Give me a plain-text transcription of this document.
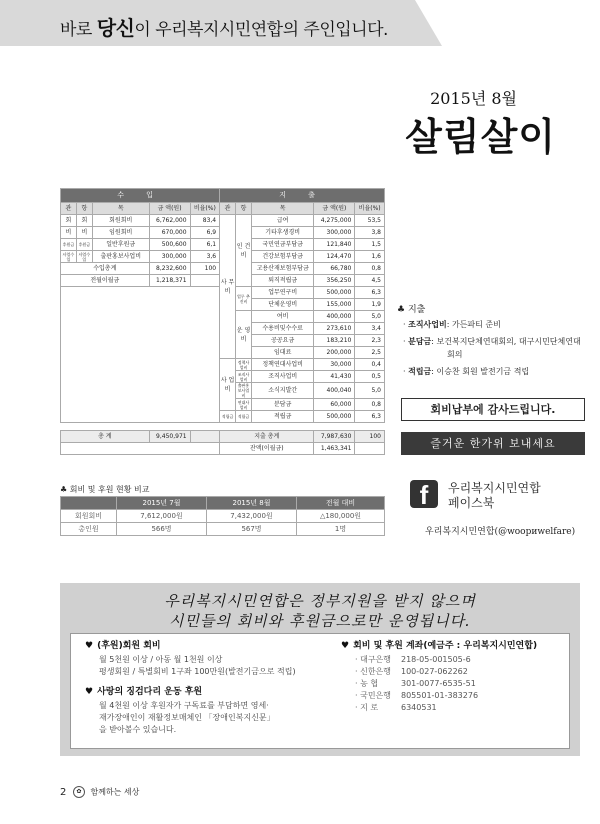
바로 당신이 우리복지시민연합의 주인입니다.
2015년 8월
살림살이
수 입					지 출				
관	항	목	금 액(원)	비율(%)	관	항	목	금 액(원)	비율(%)
회	회	회원회비	6,762,000	83,4	사 무 비	인 건 비	급여	4,275,000	53,5
비	비	임원회비	670,000	6,9			기타후생경비	300,000	3,8
후원금	후원금	일반후원금	500,600	6,1			국민연금부담금	121,840	1,5
사업수입	사업수입	출판홍보사업비	300,000	3,6			건강보험부담금	124,470	1,6
수입총계			8,232,600	100			고용산재보험부담금	66,780	0,8
전월이월금			1,218,371				퇴직적립금	356,250	4,5
						업무 추진비	업무연구비	500,000	6,3
							단체운영비	155,000	1,9
						운 영 비	여비	400,000	5,0
							수용비및수수료	273,610	3,4
							공공요금	183,210	2,3
							임대료	200,000	2,5
					사 업 비	정책사업비	정책연대사업비	30,000	0,4
						조직사업비	조직사업비	41,430	0,5
						출판홍보사업비	소식지발간	400,040	5,0
						연대사업비	분담금	60,000	0,8
					적립금	적립금	적립금	500,000	6,3
총 계	9,450,971		지출 총계	7,987,630	100
			잔액(이월금)	1,463,341	
♣ 지출
· 조직사업비: 가든파티 준비
· 분담금: 보건복지단체연대회의, 대구시민단체연대
회의
· 적립금: 이승찬 회원 발전기금 적립
회비납부에 감사드립니다.
즐거운 한가위 보내세요
f	우리복지시민연합
페이스북
우리복지시민연합(@woориwelfare)
♣ 회비 및 후원 현황 비교
	2015년 7월	2015년 8월	전월 대비
회원회비	7,612,000원	7,432,000원	△180,000원
총인원	566명	567명	1명
우리복지시민연합은 정부지원을 받지 않으며
시민들의 회비와 후원금으로만 운영됩니다.
♥ (후원)회원 회비
월 5천원 이상 / 아동 월 1천원 이상
평생회원 / 특별회비 1구좌 100만원(발전기금으로 적립)
♥ 사랑의 징검다리 운동 후원
월 4천원 이상 후원자가 구독료를 부담하면 영세·
재가장애인이 재활정보매체인 「장애인복지신문」
을 받아볼수 있습니다.
♥ 회비 및 후원 계좌(예금주 : 우리복지시민연합)
· 대구은행 218-05-001505-6
· 신한은행 100-027-062262
· 농 협	301-0077-6535-51
· 국민은행 805501-01-383276
· 지 로	6340531
2 ✿ 함께하는 세상
